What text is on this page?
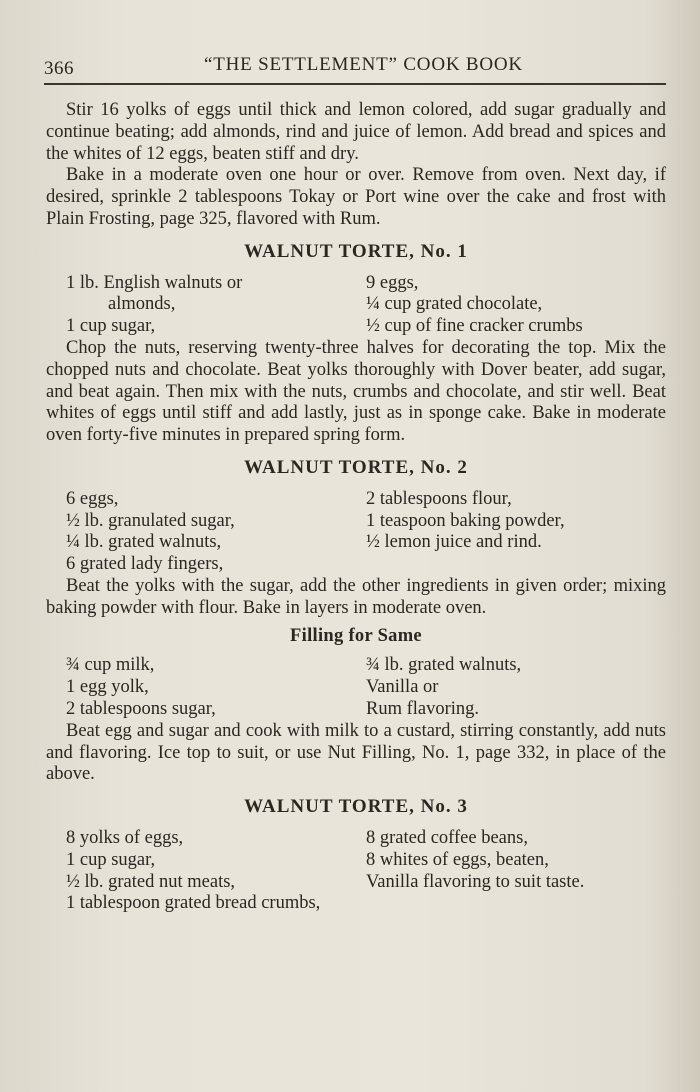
366	“THE SETTLEMENT” COOK BOOK

Stir 16 yolks of eggs until thick and lemon colored, add sugar gradually and continue beating; add almonds, rind and juice of lemon. Add bread and spices and the whites of 12 eggs, beaten stiff and dry.

Bake in a moderate oven one hour or over. Remove from oven. Next day, if desired, sprinkle 2 tablespoons Tokay or Port wine over the cake and frost with Plain Frosting, page 325, flavored with Rum.

WALNUT TORTE, No. 1
1 lb. English walnuts or
almonds,
1 cup sugar,
9 eggs,
¼ cup grated chocolate,
½ cup of fine cracker crumbs

Chop the nuts, reserving twenty-three halves for decorating the top. Mix the chopped nuts and chocolate. Beat yolks thoroughly with Dover beater, add sugar, and beat again. Then mix with the nuts, crumbs and chocolate, and stir well. Beat whites of eggs until stiff and add lastly, just as in sponge cake. Bake in moderate oven forty-five minutes in prepared spring form.

WALNUT TORTE, No. 2
6 eggs,
½ lb. granulated sugar,
¼ lb. grated walnuts,
2 tablespoons flour,
1 teaspoon baking powder,
½ lemon juice and rind.
6 grated lady fingers,

Beat the yolks with the sugar, add the other ingredients in given order; mixing baking powder with flour. Bake in layers in moderate oven.

Filling for Same
¾ cup milk,
1 egg yolk,
2 tablespoons sugar,
¾ lb. grated walnuts,
Vanilla or
Rum flavoring.

Beat egg and sugar and cook with milk to a custard, stirring constantly, add nuts and flavoring. Ice top to suit, or use Nut Filling, No. 1, page 332, in place of the above.

WALNUT TORTE, No. 3
8 yolks of eggs,
1 cup sugar,
½ lb. grated nut meats,
8 grated coffee beans,
8 whites of eggs, beaten,
Vanilla flavoring to suit taste.
1 tablespoon grated bread crumbs,
